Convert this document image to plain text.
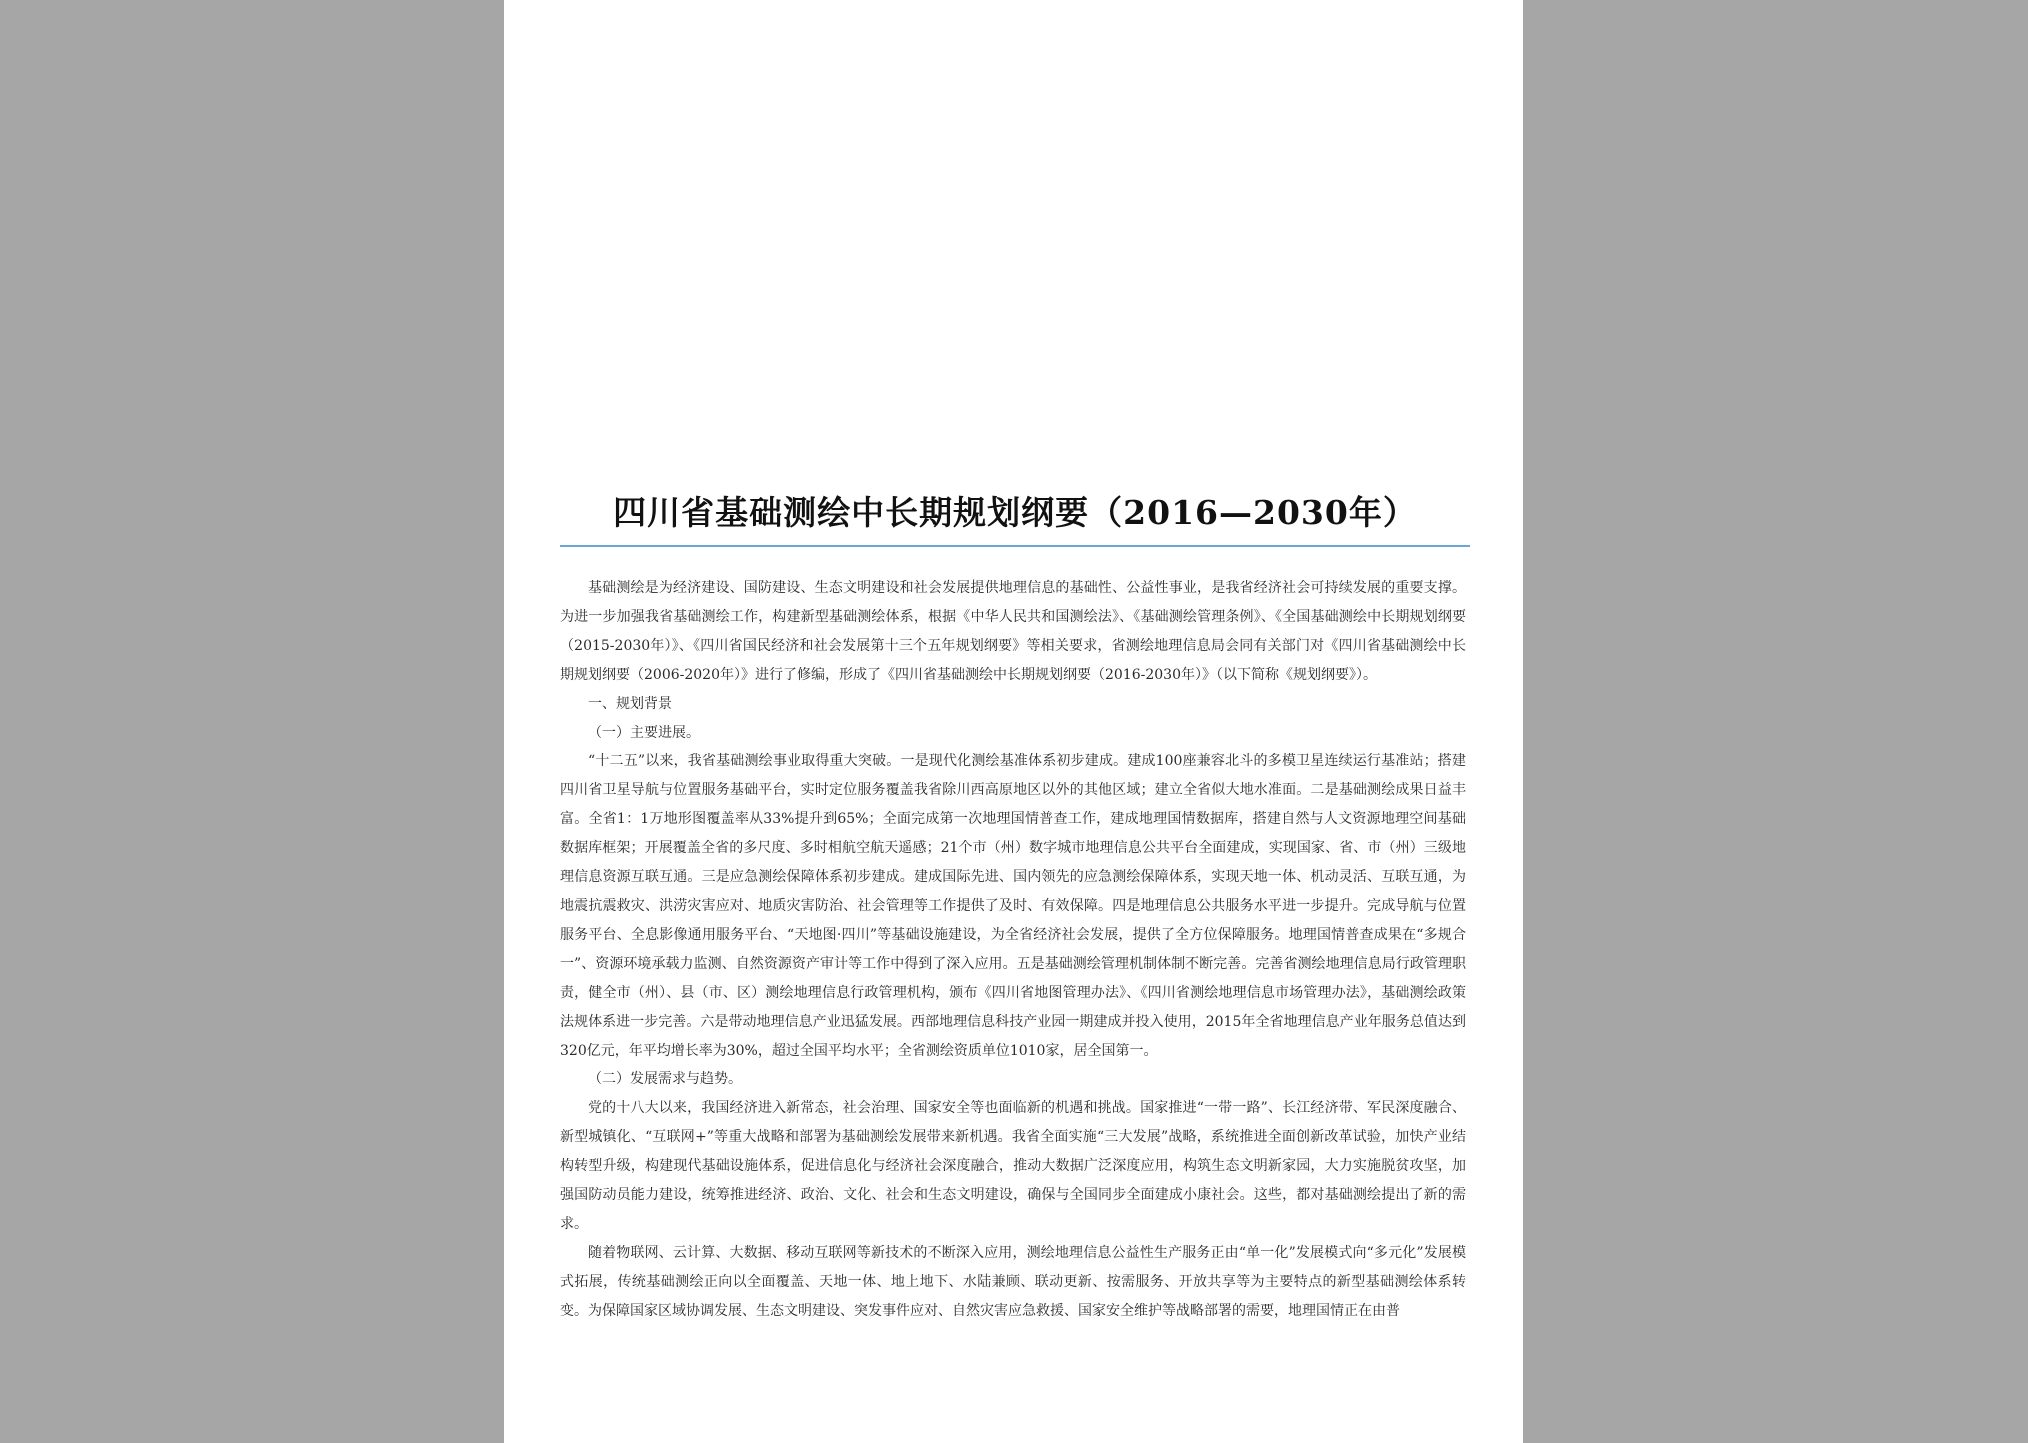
四川省基础测绘中长期规划纲要（2016—2030年）

基础测绘是为经济建设、国防建设、生态文明建设和社会发展提供地理信息的基础性、公益性事业，是我省经济社会可持续发展的重要支撑。为进一步加强我省基础测绘工作，构建新型基础测绘体系，根据《中华人民共和国测绘法》、《基础测绘管理条例》、《全国基础测绘中长期规划纲要（2015-2030年）》、《四川省国民经济和社会发展第十三个五年规划纲要》等相关要求，省测绘地理信息局会同有关部门对《四川省基础测绘中长期规划纲要（2006-2020年）》进行了修编，形成了《四川省基础测绘中长期规划纲要（2016-2030年）》（以下简称《规划纲要》）。

一、规划背景

（一）主要进展。

“十二五”以来，我省基础测绘事业取得重大突破。一是现代化测绘基准体系初步建成。建成100座兼容北斗的多模卫星连续运行基准站；搭建四川省卫星导航与位置服务基础平台，实时定位服务覆盖我省除川西高原地区以外的其他区域；建立全省似大地水准面。二是基础测绘成果日益丰富。全省1：1万地形图覆盖率从33%提升到65%；全面完成第一次地理国情普查工作，建成地理国情数据库，搭建自然与人文资源地理空间基础数据库框架；开展覆盖全省的多尺度、多时相航空航天遥感；21个市（州）数字城市地理信息公共平台全面建成，实现国家、省、市（州）三级地理信息资源互联互通。三是应急测绘保障体系初步建成。建成国际先进、国内领先的应急测绘保障体系，实现天地一体、机动灵活、互联互通，为地震抗震救灾、洪涝灾害应对、地质灾害防治、社会管理等工作提供了及时、有效保障。四是地理信息公共服务水平进一步提升。完成导航与位置服务平台、全息影像通用服务平台、“天地图·四川”等基础设施建设，为全省经济社会发展，提供了全方位保障服务。地理国情普查成果在“多规合一”、资源环境承载力监测、自然资源资产审计等工作中得到了深入应用。五是基础测绘管理机制体制不断完善。完善省测绘地理信息局行政管理职责，健全市（州）、县（市、区）测绘地理信息行政管理机构，颁布《四川省地图管理办法》、《四川省测绘地理信息市场管理办法》，基础测绘政策法规体系进一步完善。六是带动地理信息产业迅猛发展。西部地理信息科技产业园一期建成并投入使用，2015年全省地理信息产业年服务总值达到320亿元，年平均增长率为30%，超过全国平均水平；全省测绘资质单位1010家，居全国第一。

（二）发展需求与趋势。

党的十八大以来，我国经济进入新常态，社会治理、国家安全等也面临新的机遇和挑战。国家推进“一带一路”、长江经济带、军民深度融合、新型城镇化、“互联网+”等重大战略和部署为基础测绘发展带来新机遇。我省全面实施“三大发展”战略，系统推进全面创新改革试验，加快产业结构转型升级，构建现代基础设施体系，促进信息化与经济社会深度融合，推动大数据广泛深度应用，构筑生态文明新家园，大力实施脱贫攻坚，加强国防动员能力建设，统筹推进经济、政治、文化、社会和生态文明建设，确保与全国同步全面建成小康社会。这些，都对基础测绘提出了新的需求。

随着物联网、云计算、大数据、移动互联网等新技术的不断深入应用，测绘地理信息公益性生产服务正由“单一化”发展模式向“多元化”发展模式拓展，传统基础测绘正向以全面覆盖、天地一体、地上地下、水陆兼顾、联动更新、按需服务、开放共享等为主要特点的新型基础测绘体系转变。为保障国家区域协调发展、生态文明建设、突发事件应对、自然灾害应急救援、国家安全维护等战略部署的需要，地理国情正在由普
